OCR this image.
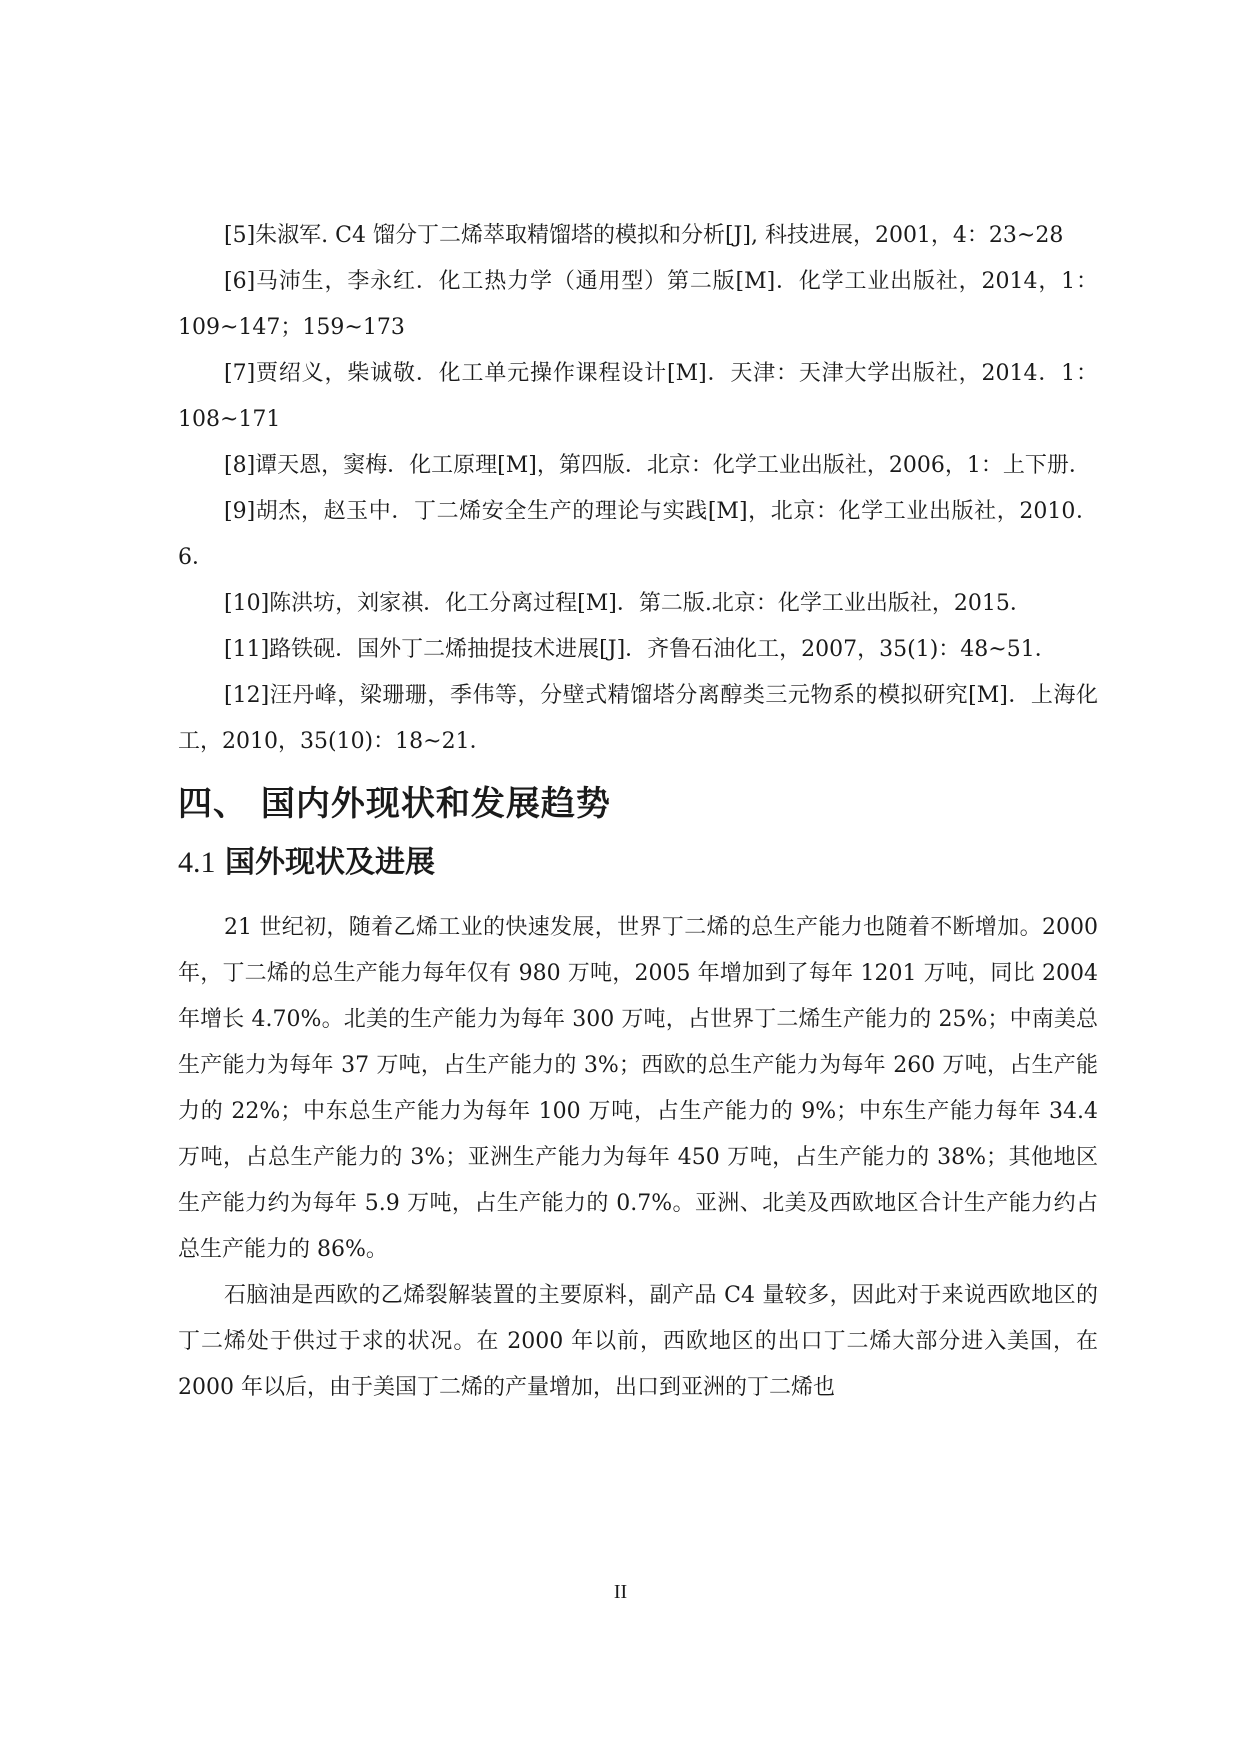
[5]朱淑军. C4 馏分丁二烯萃取精馏塔的模拟和分析[J], 科技进展，2001，4：23~28

[6]马沛生，李永红．化工热力学（通用型）第二版[M]．化学工业出版社，2014，1：109~147；159~173

[7]贾绍义，柴诚敬．化工单元操作课程设计[M]．天津：天津大学出版社，2014．1：108~171

[8]谭天恩，窦梅．化工原理[M]，第四版．北京：化学工业出版社，2006，1：上下册．

[9]胡杰，赵玉中．丁二烯安全生产的理论与实践[M]，北京：化学工业出版社，2010．6．

[10]陈洪坊，刘家祺．化工分离过程[M]．第二版.北京：化学工业出版社，2015．

[11]路铁砚．国外丁二烯抽提技术进展[J]．齐鲁石油化工，2007，35(1)：48~51．

[12]汪丹峰，梁珊珊，季伟等，分壁式精馏塔分离醇类三元物系的模拟研究[M]．上海化工，2010，35(10)：18~21．

四、 国内外现状和发展趋势
4.1 国外现状及进展

21 世纪初，随着乙烯工业的快速发展，世界丁二烯的总生产能力也随着不断增加。2000 年，丁二烯的总生产能力每年仅有 980 万吨，2005 年增加到了每年 1201 万吨，同比 2004 年增长 4.70%。北美的生产能力为每年 300 万吨，占世界丁二烯生产能力的 25%；中南美总生产能力为每年 37 万吨，占生产能力的 3%；西欧的总生产能力为每年 260 万吨，占生产能力的 22%；中东总生产能力为每年 100 万吨，占生产能力的 9%；中东生产能力每年 34.4 万吨，占总生产能力的 3%；亚洲生产能力为每年 450 万吨，占生产能力的 38%；其他地区生产能力约为每年 5.9 万吨，占生产能力的 0.7%。亚洲、北美及西欧地区合计生产能力约占总生产能力的 86%。

石脑油是西欧的乙烯裂解装置的主要原料，副产品 C4 量较多，因此对于来说西欧地区的丁二烯处于供过于求的状况。在 2000 年以前，西欧地区的出口丁二烯大部分进入美国，在 2000 年以后，由于美国丁二烯的产量增加，出口到亚洲的丁二烯也

II
